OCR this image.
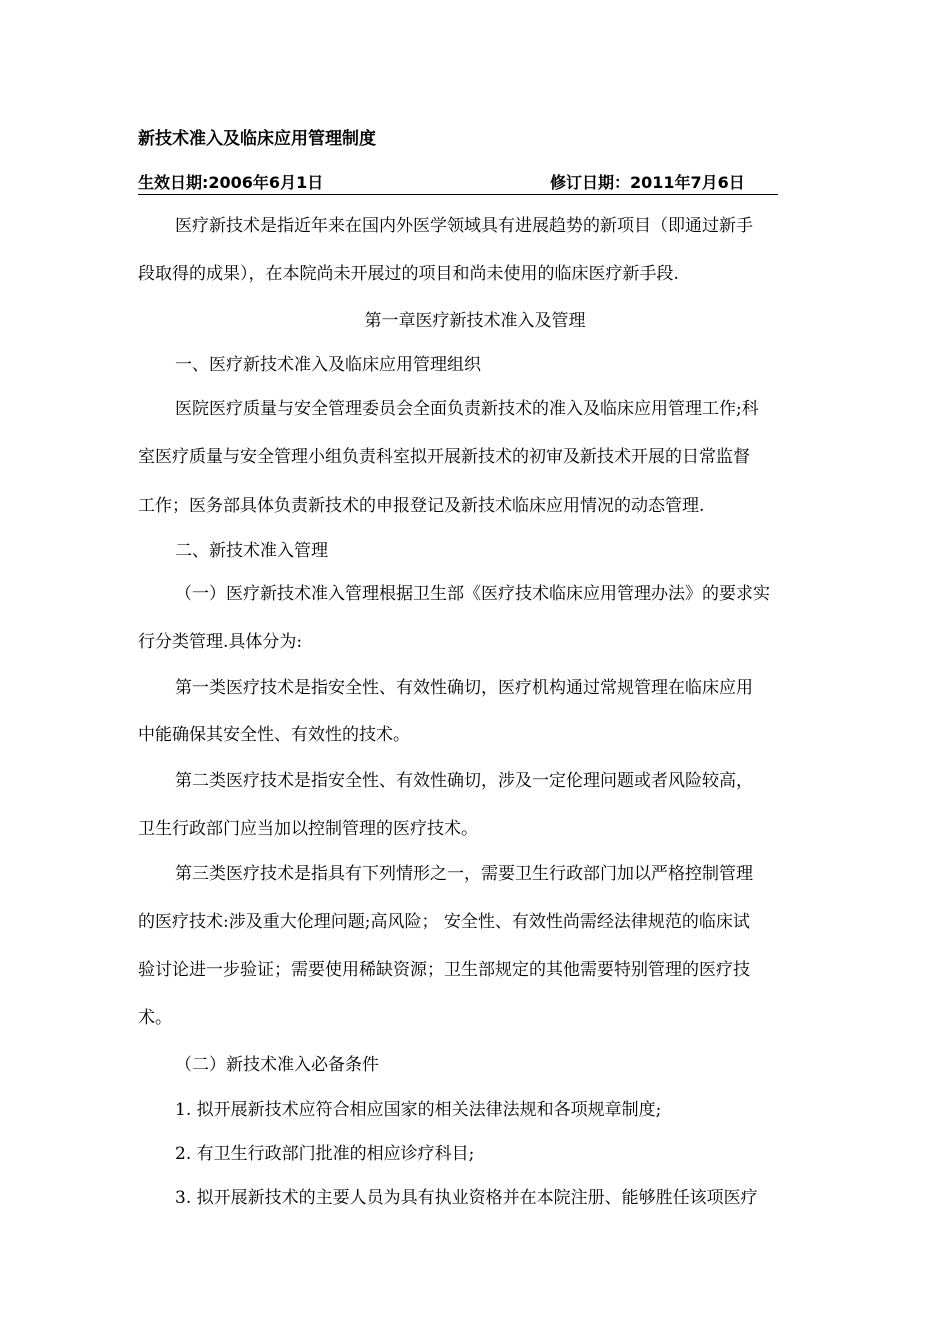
新技术准入及临床应用管理制度
生效日期:2006年6月1日	修订日期：2011年7月6日
医疗新技术是指近年来在国内外医学领域具有进展趋势的新项目（即通过新手
段取得的成果），在本院尚未开展过的项目和尚未使用的临床医疗新手段.
第一章医疗新技术准入及管理
一、医疗新技术准入及临床应用管理组织
医院医疗质量与安全管理委员会全面负责新技术的准入及临床应用管理工作;科
室医疗质量与安全管理小组负责科室拟开展新技术的初审及新技术开展的日常监督
工作；医务部具体负责新技术的申报登记及新技术临床应用情况的动态管理.
二、新技术准入管理
（一）医疗新技术准入管理根据卫生部《医疗技术临床应用管理办法》的要求实
行分类管理.具体分为:
第一类医疗技术是指安全性、有效性确切，医疗机构通过常规管理在临床应用
中能确保其安全性、有效性的技术。
第二类医疗技术是指安全性、有效性确切，涉及一定伦理问题或者风险较高，
卫生行政部门应当加以控制管理的医疗技术。
第三类医疗技术是指具有下列情形之一，需要卫生行政部门加以严格控制管理
的医疗技术:涉及重大伦理问题;高风险； 安全性、有效性尚需经法律规范的临床试
验讨论进一步验证；需要使用稀缺资源；卫生部规定的其他需要特别管理的医疗技
术。
（二）新技术准入必备条件
1. 拟开展新技术应符合相应国家的相关法律法规和各项规章制度;
2. 有卫生行政部门批准的相应诊疗科目;
3. 拟开展新技术的主要人员为具有执业资格并在本院注册、能够胜任该项医疗
